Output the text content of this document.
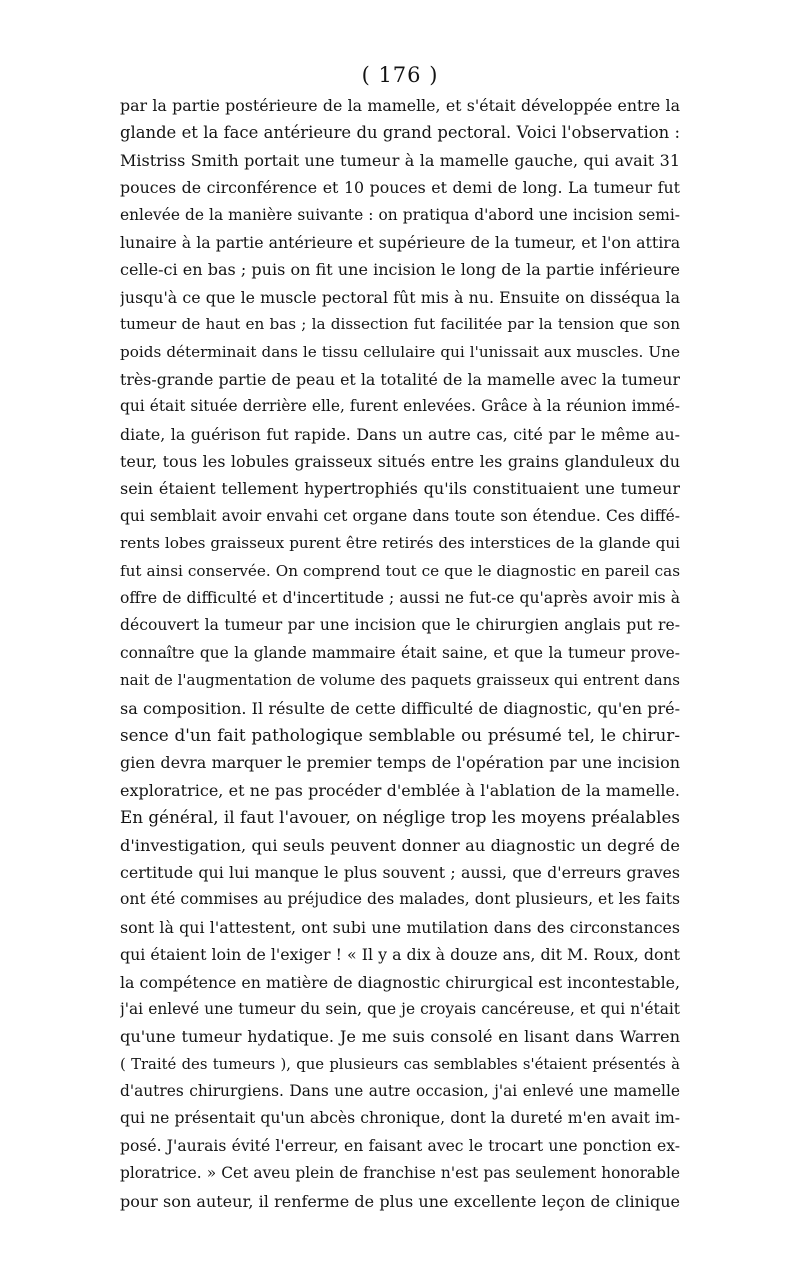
( 176 )
par la partie postérieure de la mamelle, et s'était développée entre la
glande et la face antérieure du grand pectoral. Voici l'observation :
Mistriss Smith portait une tumeur à la mamelle gauche, qui avait 31
pouces de circonférence et 10 pouces et demi de long. La tumeur fut
enlevée de la manière suivante : on pratiqua d'abord une incision semi-
lunaire à la partie antérieure et supérieure de la tumeur, et l'on attira
celle-ci en bas ; puis on fit une incision le long de la partie inférieure
jusqu'à ce que le muscle pectoral fût mis à nu. Ensuite on disséqua la
tumeur de haut en bas ; la dissection fut facilitée par la tension que son
poids déterminait dans le tissu cellulaire qui l'unissait aux muscles. Une
très-grande partie de peau et la totalité de la mamelle avec la tumeur
qui était située derrière elle, furent enlevées. Grâce à la réunion immé-
diate, la guérison fut rapide. Dans un autre cas, cité par le même au-
teur, tous les lobules graisseux situés entre les grains glanduleux du
sein étaient tellement hypertrophiés qu'ils constituaient une tumeur
qui semblait avoir envahi cet organe dans toute son étendue. Ces diffé-
rents lobes graisseux purent être retirés des interstices de la glande qui
fut ainsi conservée. On comprend tout ce que le diagnostic en pareil cas
offre de difficulté et d'incertitude ; aussi ne fut-ce qu'après avoir mis à
découvert la tumeur par une incision que le chirurgien anglais put re-
connaître que la glande mammaire était saine, et que la tumeur prove-
nait de l'augmentation de volume des paquets graisseux qui entrent dans
sa composition. Il résulte de cette difficulté de diagnostic, qu'en pré-
sence d'un fait pathologique semblable ou présumé tel, le chirur-
gien devra marquer le premier temps de l'opération par une incision
exploratrice, et ne pas procéder d'emblée à l'ablation de la mamelle.
En général, il faut l'avouer, on néglige trop les moyens préalables
d'investigation, qui seuls peuvent donner au diagnostic un degré de
certitude qui lui manque le plus souvent ; aussi, que d'erreurs graves
ont été commises au préjudice des malades, dont plusieurs, et les faits
sont là qui l'attestent, ont subi une mutilation dans des circonstances
qui étaient loin de l'exiger ! « Il y a dix à douze ans, dit M. Roux, dont
la compétence en matière de diagnostic chirurgical est incontestable,
j'ai enlevé une tumeur du sein, que je croyais cancéreuse, et qui n'était
qu'une tumeur hydatique. Je me suis consolé en lisant dans Warren
( Traité des tumeurs ), que plusieurs cas semblables s'étaient présentés à
d'autres chirurgiens. Dans une autre occasion, j'ai enlevé une mamelle
qui ne présentait qu'un abcès chronique, dont la dureté m'en avait im-
posé. J'aurais évité l'erreur, en faisant avec le trocart une ponction ex-
ploratrice. » Cet aveu plein de franchise n'est pas seulement honorable
pour son auteur, il renferme de plus une excellente leçon de clinique
